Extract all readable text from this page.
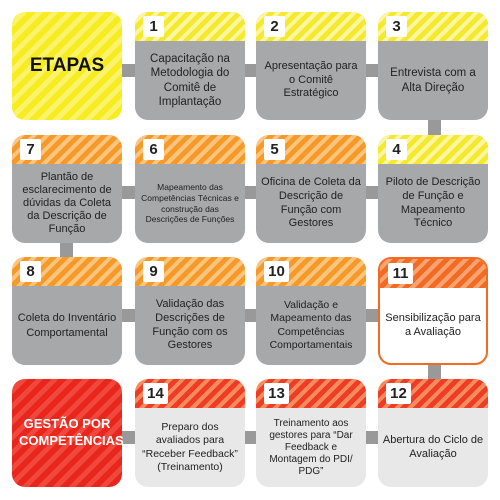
ETAPAS
GESTÃO POR COMPETÊNCIAS
1
Capacitação na Metodologia do Comitê de Implantação
2
Apresentação para o Comitê Estratégico
3
Entrevista com a Alta Direção
7
Plantão de esclarecimento de dúvidas da Coleta da Descrição de Função
6
Mapeamento das Competências Técnicas e construção das Descrições de Funções
5
Oficina de Coleta da Descrição de Função com Gestores
4
Piloto de Descrição de Função e Mapeamento Técnico
8
Coleta do Inventário Comportamental
9
Validação das Descrições de Função com os Gestores
10
Validação e Mapeamento das Competências Comportamentais
11
Sensibilização para a Avaliação
14
Preparo dos avaliados para “Receber Feedback” (Treinamento)
13
Treinamento aos gestores para “Dar Feedback e Montagem do PDI/ PDG”
12
Abertura do Ciclo de Avaliação
